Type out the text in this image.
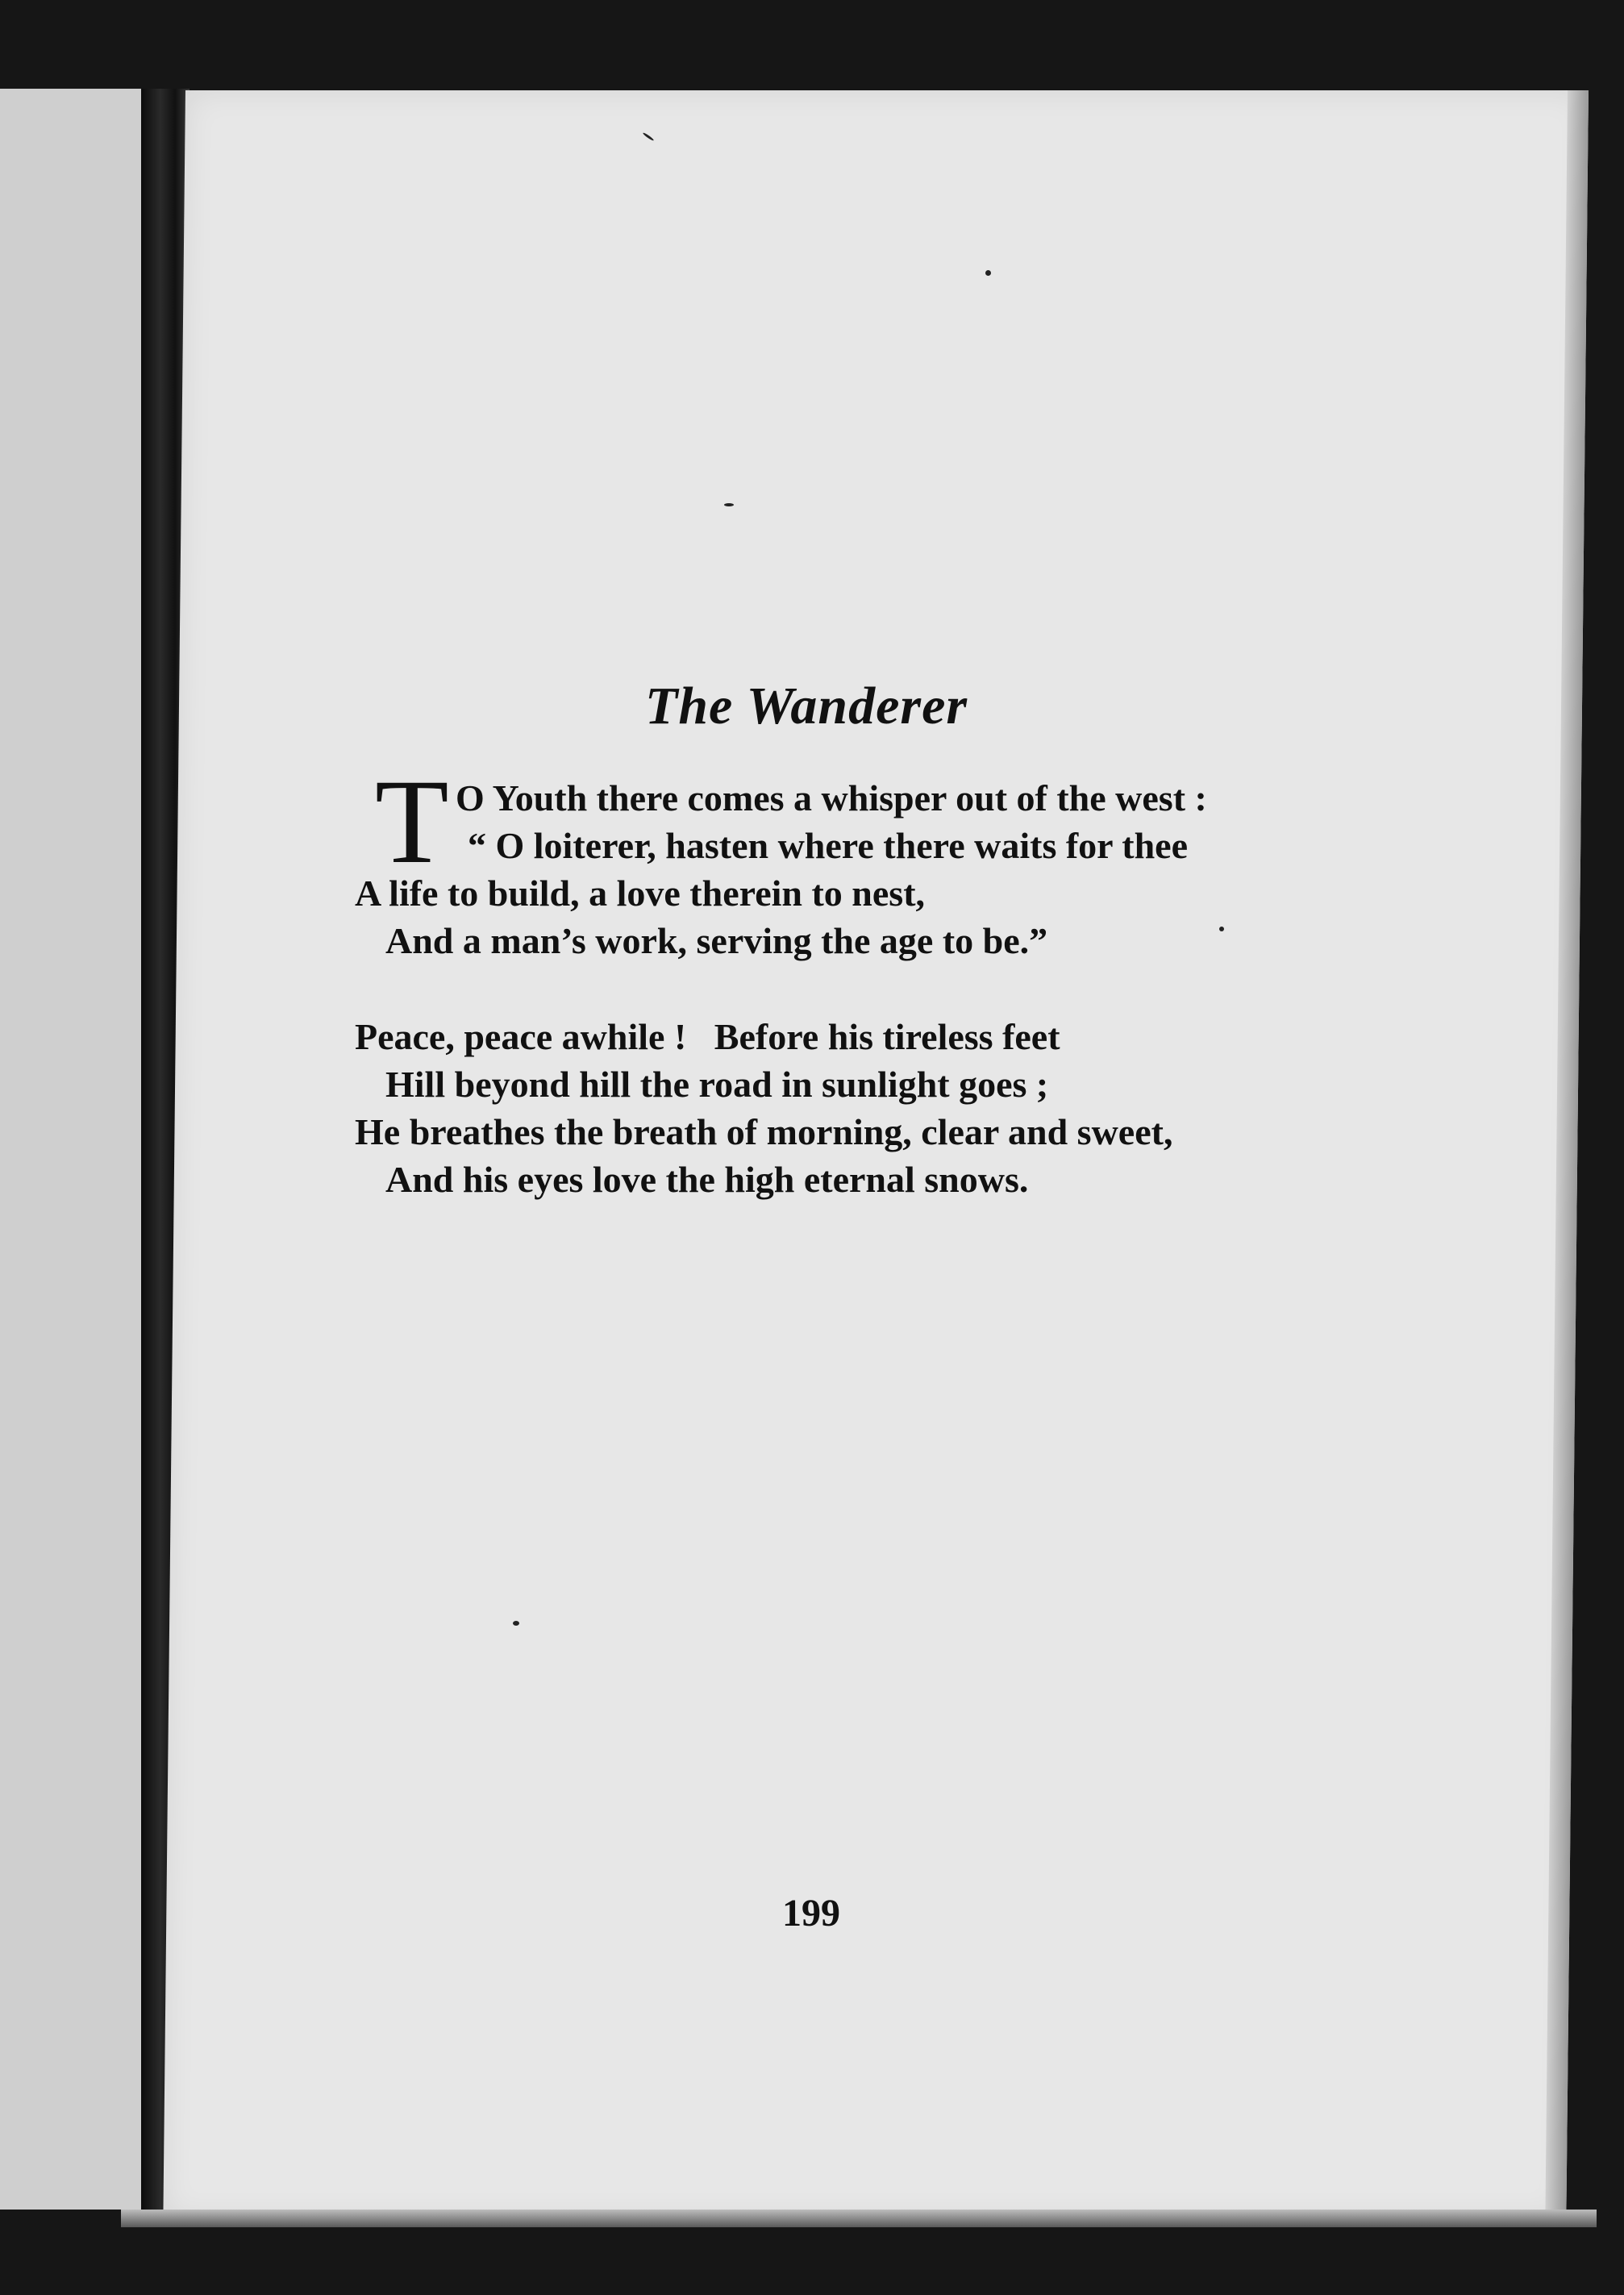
The Wanderer
T O Youth there comes a whisper out of the west :
“ O loiterer, hasten where there waits for thee
A life to build, a love therein to nest,
And a man’s work, serving the age to be.”
Peace, peace awhile !   Before his tireless feet
Hill beyond hill the road in sunlight goes ;
He breathes the breath of morning, clear and sweet,
And his eyes love the high eternal snows.

199
